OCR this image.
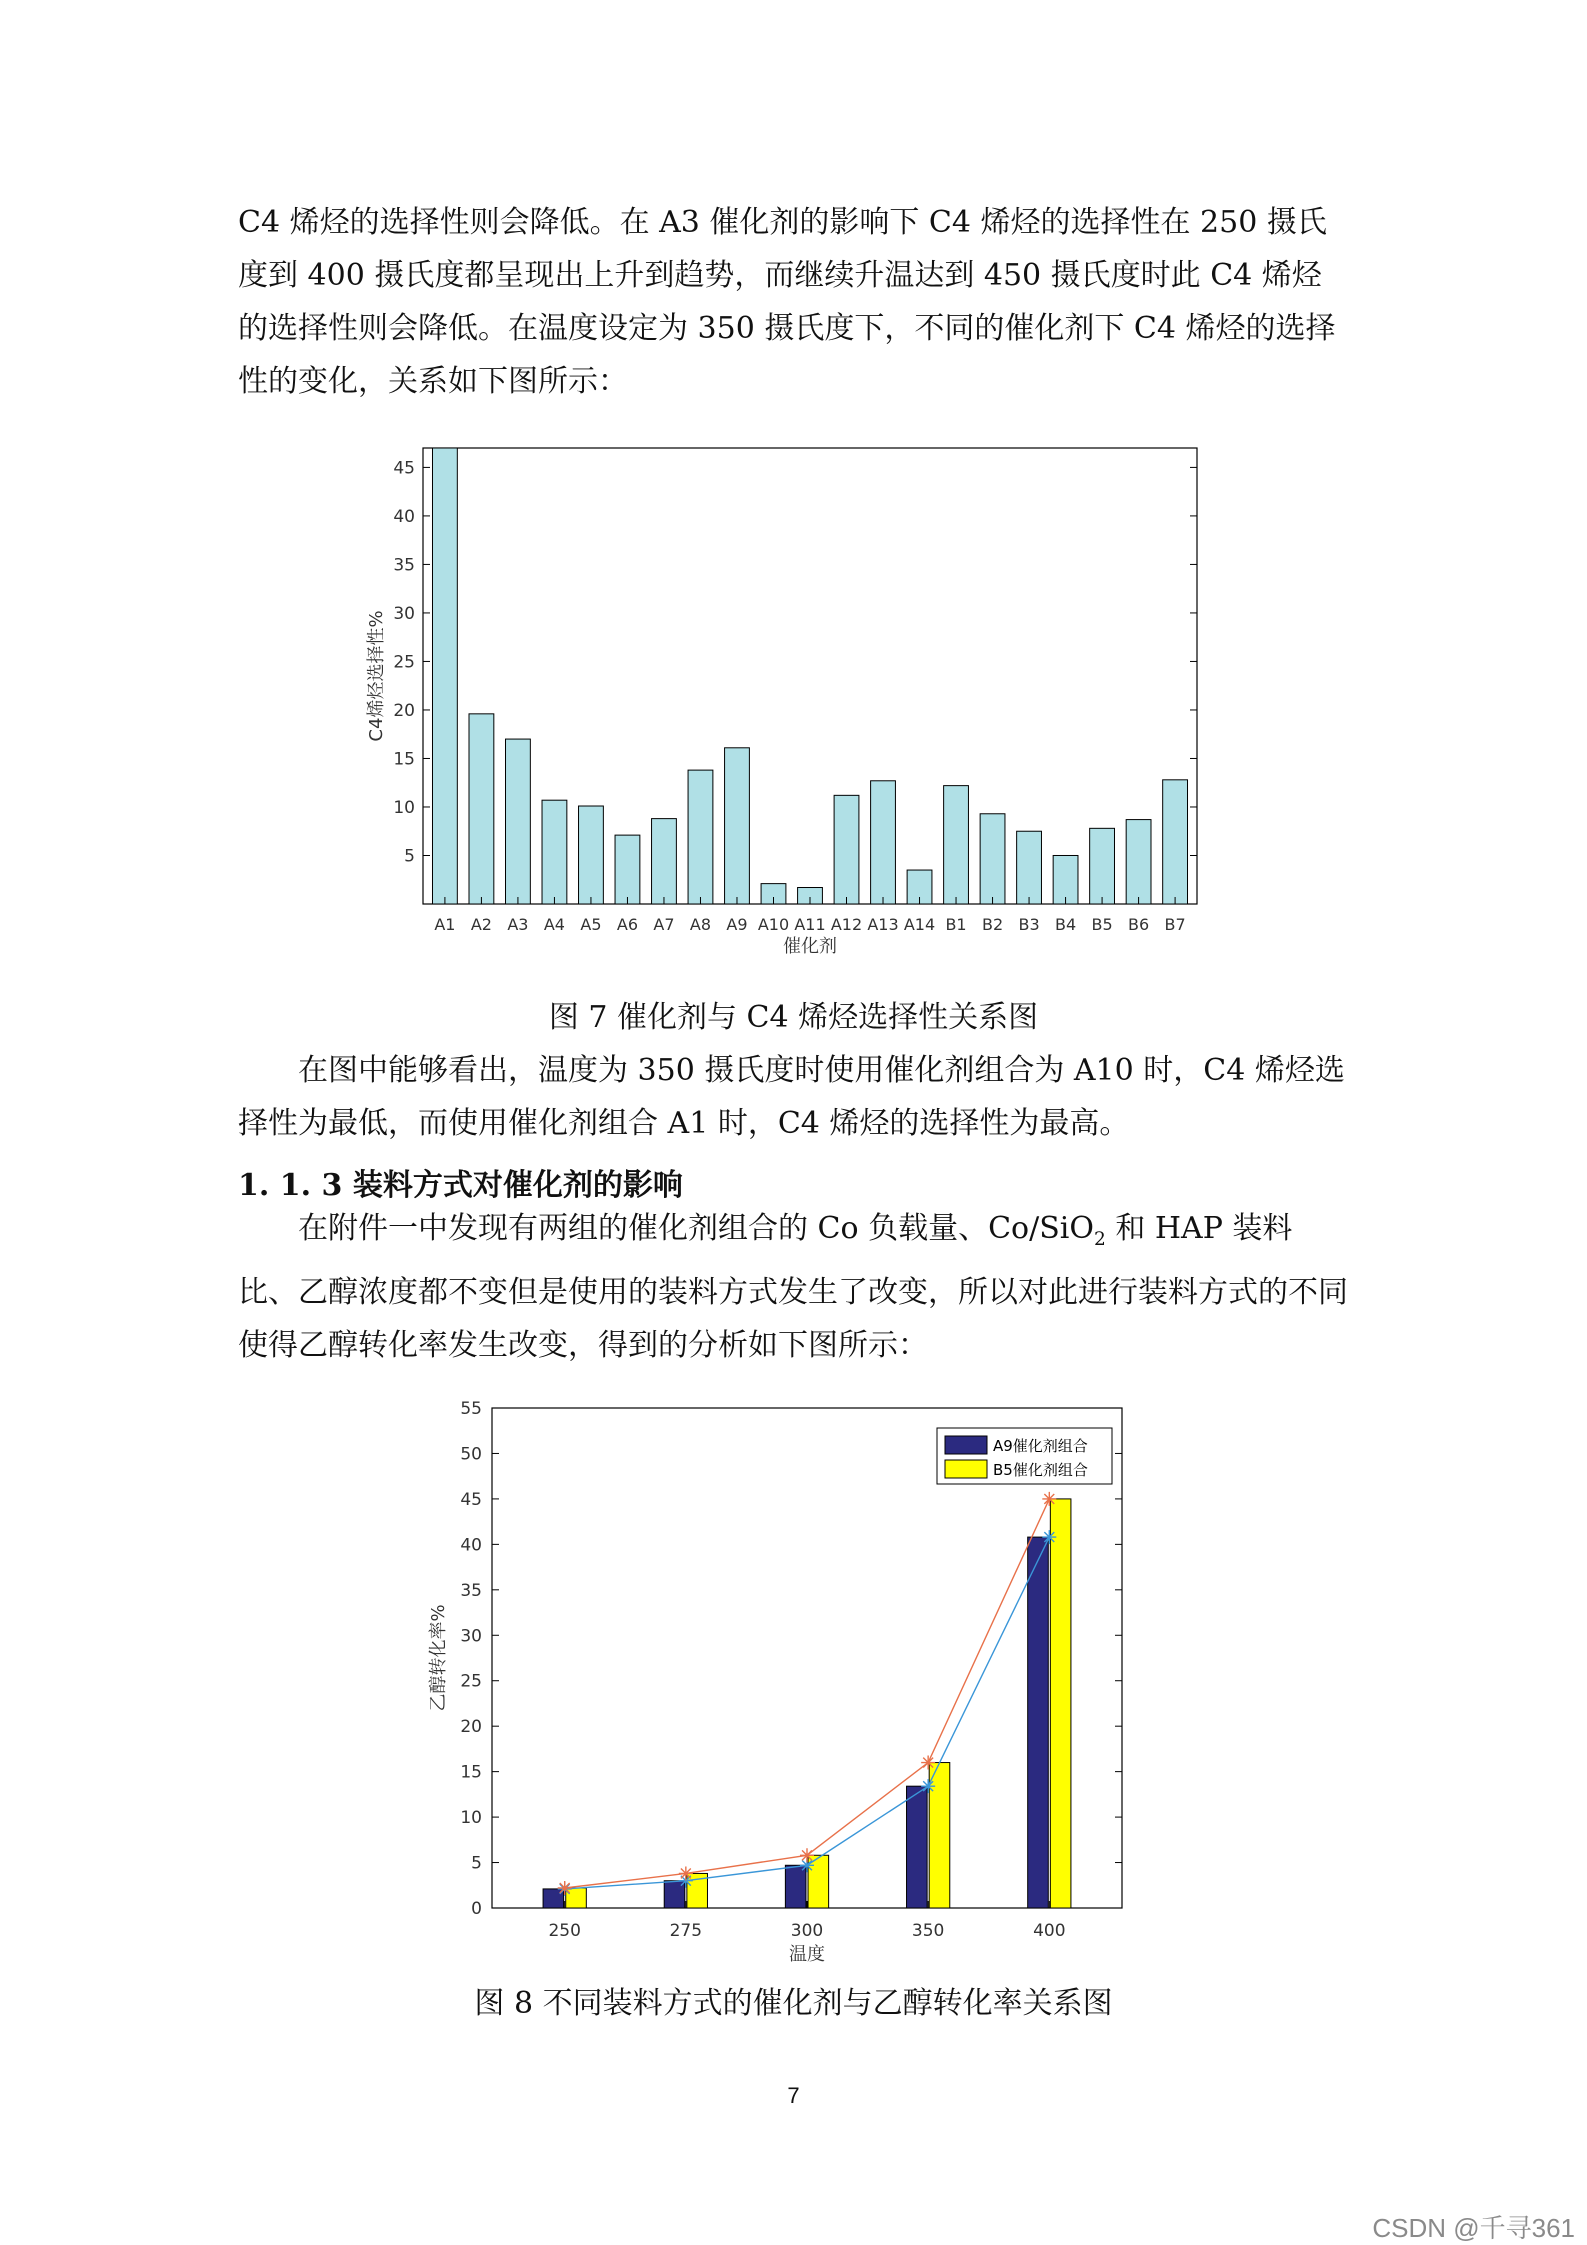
C4 烯烃的选择性则会降低。在 A3 催化剂的影响下 C4 烯烃的选择性在 250 摄氏度到 400 摄氏度都呈现出上升到趋势，而继续升温达到 450 摄氏度时此 C4 烯烃的选择性则会降低。在温度设定为 350 摄氏度下，不同的催化剂下 C4 烯烃的选择性的变化，关系如下图所示：

5
10
15
20
25
30
35
40
45
A1 A2 A3 A4 A5 A6 A7 A8 A9 A10 A11 A12 A13 A14 B1 B2 B3 B4 B5 B6 B7
催化剂
C4烯烃选择性%

图 7 催化剂与 C4 烯烃选择性关系图

在图中能够看出，温度为 350 摄氏度时使用催化剂组合为 A10 时，C4 烯烃选择性为最低，而使用催化剂组合 A1 时，C4 烯烃的选择性为最高。

1. 1. 3 装料方式对催化剂的影响

在附件一中发现有两组的催化剂组合的 Co 负载量、Co/SiO$_2$ 和 HAP 装料比、乙醇浓度都不变但是使用的装料方式发生了改变，所以对此进行装料方式的不同使得乙醇转化率发生改变，得到的分析如下图所示：

0
5
10
15
20
25
30
35
40
45
50
55
250	275	300	350	400
A9催化剂组合
B5催化剂组合
温度
乙醇转化率%

图 8 不同装料方式的催化剂与乙醇转化率关系图

7

CSDN @千寻361
